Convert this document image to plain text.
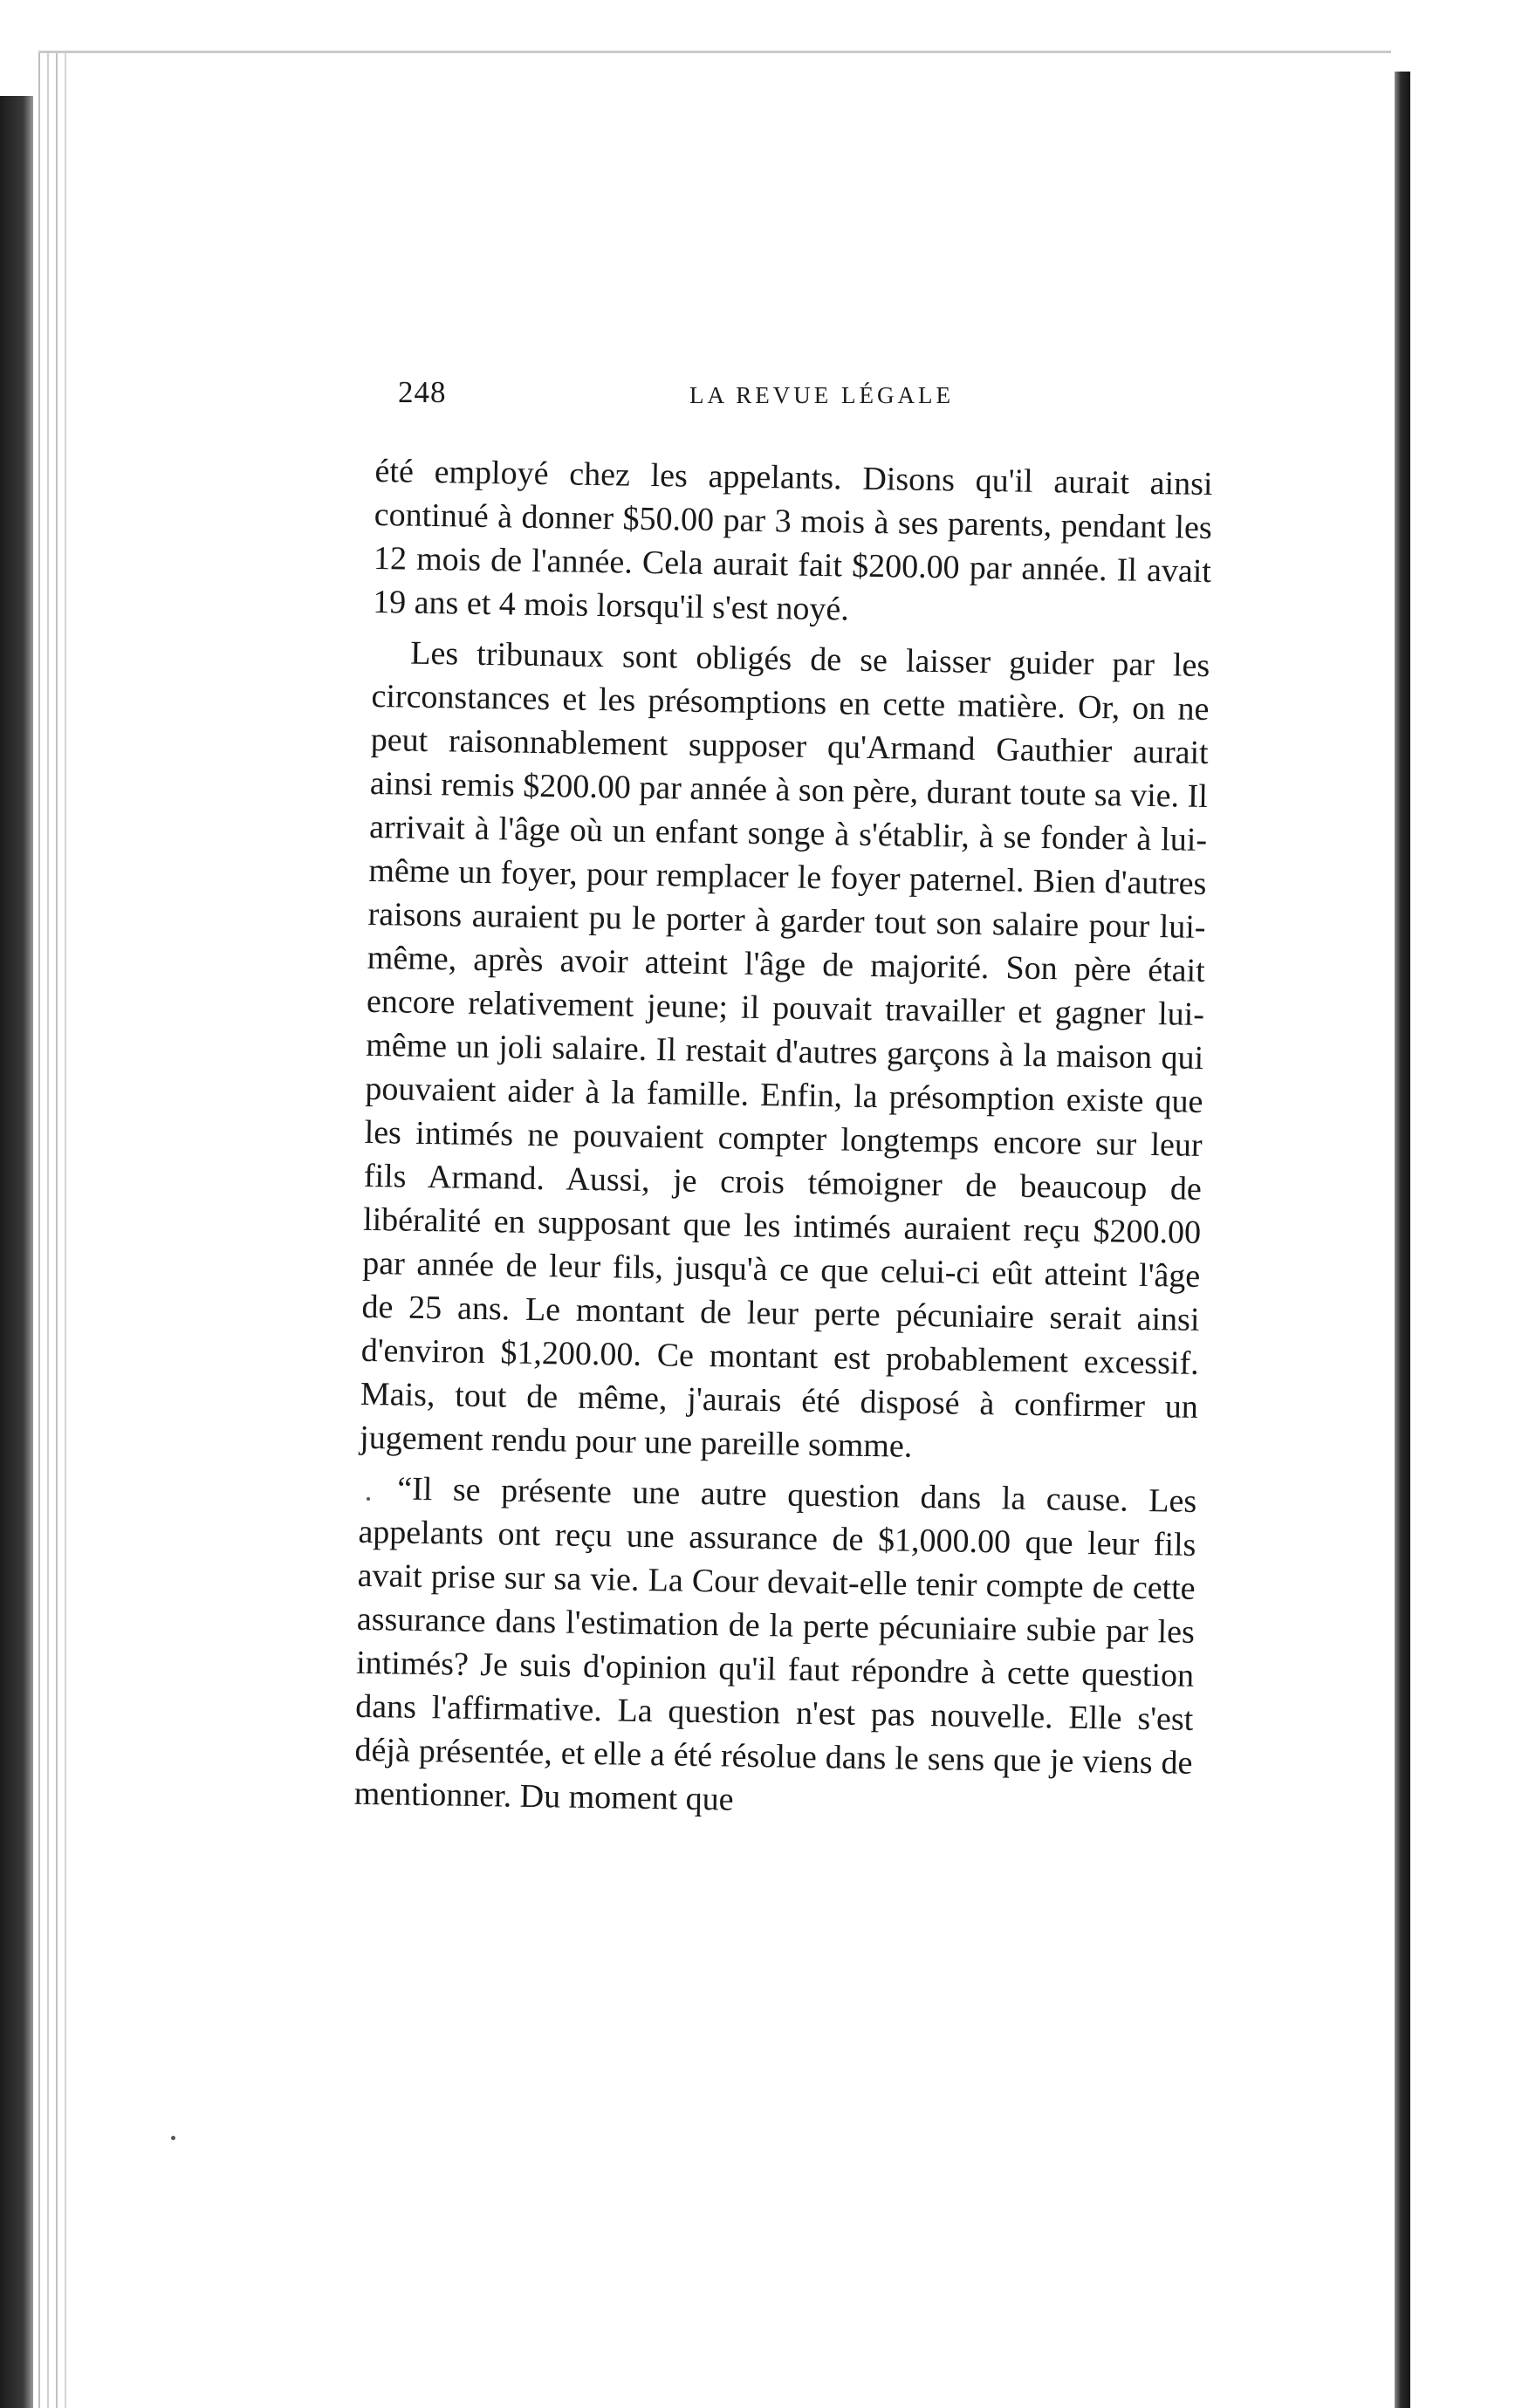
248	LA REVUE LÉGALE

été employé chez les appelants. Disons qu'il aurait ainsi continué à donner $50.00 par 3 mois à ses parents, pendant les 12 mois de l'année. Cela aurait fait $200.00 par année. Il avait 19 ans et 4 mois lorsqu'il s'est noyé.

Les tribunaux sont obligés de se laisser guider par les circonstances et les présomptions en cette matière. Or, on ne peut raisonnablement supposer qu'Armand Gauthier aurait ainsi remis $200.00 par année à son père, durant toute sa vie. Il arrivait à l'âge où un enfant songe à s'établir, à se fonder à lui-même un foyer, pour remplacer le foyer paternel. Bien d'autres raisons auraient pu le porter à garder tout son salaire pour lui-même, après avoir atteint l'âge de majorité. Son père était encore relativement jeune; il pouvait travailler et gagner lui-même un joli salaire. Il restait d'autres garçons à la maison qui pouvaient aider à la famille. Enfin, la présomption existe que les intimés ne pouvaient compter longtemps encore sur leur fils Armand. Aussi, je crois témoigner de beaucoup de libéralité en supposant que les intimés auraient reçu $200.00 par année de leur fils, jusqu'à ce que celui-ci eût atteint l'âge de 25 ans. Le montant de leur perte pécuniaire serait ainsi d'environ $1,200.00. Ce montant est probablement excessif. Mais, tout de même, j'aurais été disposé à confirmer un jugement rendu pour une pareille somme.

“Il se présente une autre question dans la cause. Les appelants ont reçu une assurance de $1,000.00 que leur fils avait prise sur sa vie. La Cour devait-elle tenir compte de cette assurance dans l'estimation de la perte pécuniaire subie par les intimés? Je suis d'opinion qu'il faut répondre à cette question dans l'affirmative. La question n'est pas nouvelle. Elle s'est déjà présentée, et elle a été résolue dans le sens que je viens de mentionner. Du moment que
